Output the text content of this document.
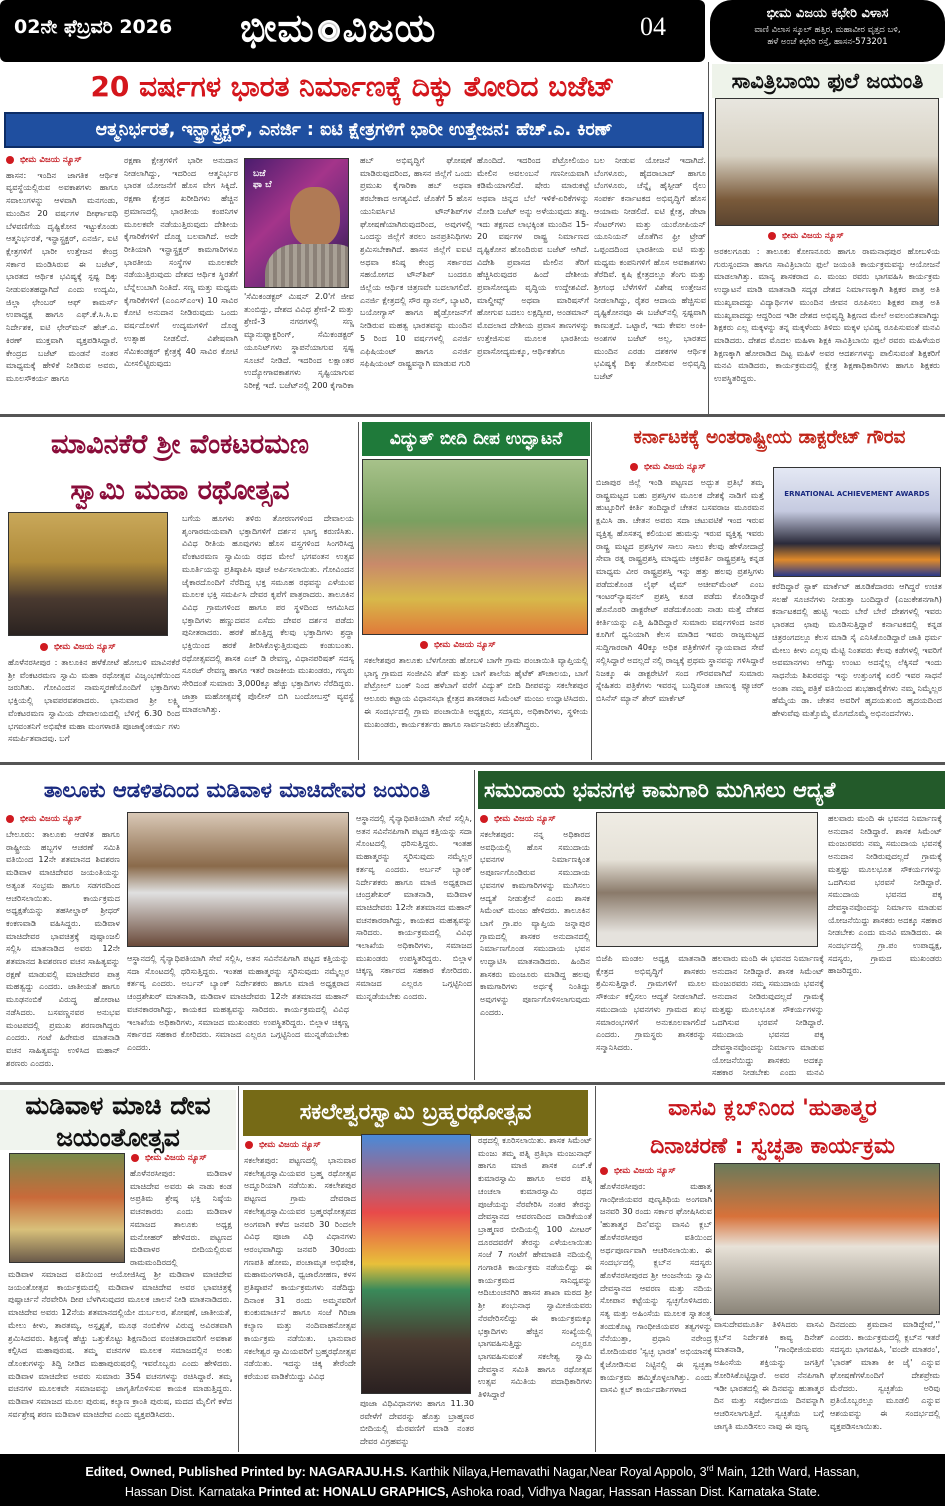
02ನೇ ಫೆಬ್ರವರಿ 2026 ಭೀಮ ವಿಜಯ	04	ಭೀಮ ವಿಜಯ ಕಛೇರಿ ವಿಳಾಸ
ವಾಣಿ ವಿಲಾಸ ಸ್ಕೂಲ್ ಹತ್ತಿರ, ಮಹಾವೀರ ವೃತ್ತದ ಬಳಿ,
ಹಳೆ ಅಂಚೆ ಕಛೇರಿ ರಸ್ತೆ, ಹಾಸನ-573201
20 ವರ್ಷಗಳ ಭಾರತ ನಿರ್ಮಾಣಕ್ಕೆ ದಿಕ್ಕು ತೋರಿದ ಬಜೆಟ್
ಆತ್ಮನಿರ್ಭರತೆ, ಇನ್ಫ್ರಾಸ್ಟ್ರಕ್ಚರ್, ಎನರ್ಜಿ : ಐಟಿ ಕ್ಷೇತ್ರಗಳಿಗೆ ಭಾರೀ ಉತ್ತೇಜನ: ಹೆಚ್.ಎ. ಕಿರಣ್
ಭೀಮ ವಿಜಯ ನ್ಯೂಸ್
ಹಾಸನ: ಇಂದಿನ ಜಾಗತಿಕ ಆರ್ಥಿಕ ವ್ಯವಸ್ಥೆಯಲ್ಲಿರುವ ಅವಕಾಶಗಳು ಹಾಗೂ ಸವಾಲುಗಳನ್ನು ಆಳವಾಗಿ ಮನಗಂಡು, ಮುಂದಿನ 20 ವರ್ಷಗಳ ದೀರ್ಘಾವಧಿ ಬೆಳವಣಿಗೆಯ ದೃಷ್ಟಿಕೋನ ಇಟ್ಟುಕೊಂಡು ಆತ್ಮನಿರ್ಭರತೆ, ಇನ್ಫ್ರಾಸ್ಟ್ರಕ್ಚರ್, ಎನರ್ಜಿ, ಐಟಿ ಕ್ಷೇತ್ರಗಳಿಗೆ ಭಾರೀ ಉತ್ತೇಜನ ಕೇಂದ್ರ ಸರ್ಕಾರ ಮಂಡಿಸಿರುವ ಈ ಬಜೆಟ್, ಭಾರತದ ಆರ್ಥಿಕ ಭವಿಷ್ಯಕ್ಕೆ ಸ್ಪಷ್ಟ ದಿಕ್ಕು ನೀಡುವಂತಹದ್ದಾಗಿದೆ ಎಂದು ಉದ್ಯಮಿ, ಜಿಲ್ಲಾ ಛೇಂಬರ್ ಆಫ್ ಕಾಮರ್ಸ್ ಉಪಾಧ್ಯಕ್ಷ ಹಾಗೂ ಎಫ್.ಕೆ.ಸಿ.ಸಿ.ಐ ನಿರ್ದೇಶಕ, ಐಟಿ ಛೇರ್‌ಮನ್ ಹೆಚ್.ಎ. ಕಿರಣ್ ಮುಕ್ತವಾಗಿ ವ್ಯಕ್ತಪಡಿಸಿದ್ದಾರೆ. ಕೇಂದ್ರದ ಬಜೆಟ್ ಮಂಡನೆ ನಂತರ ಮಾಧ್ಯಮಕ್ಕೆ ಹೇಳಿಕೆ ನೀಡಿರುವ ಅವರು, ಮೂಲಸೌಕರ್ಯ ಹಾಗೂ
ರಕ್ಷಣಾ ಕ್ಷೇತ್ರಗಳಿಗೆ ಭಾರೀ ಅನುದಾನ ನೀಡಲಾಗಿದ್ದು, ಇದರಿಂದ ಆತ್ಮನಿರ್ಭರ ಭಾರತ ಯೋಜನೆಗೆ ಹೊಸ ವೇಗ ಸಿಕ್ಕಿದೆ. ರಕ್ಷಣಾ ಕ್ಷೇತ್ರದ ಖರೀದಿಗಳು ಹೆಚ್ಚಿನ ಪ್ರಮಾಣದಲ್ಲಿ ಭಾರತೀಯ ಕಂಪನಿಗಳ ಮೂಲಕವೇ ನಡೆಯುತ್ತಿರುವುದು ದೇಶೀಯ ಕೈಗಾರಿಕೆಗಳಿಗೆ ದೊಡ್ಡ ಬಲವಾಗಿದೆ. ಅದೇ ರೀತಿಯಾಗಿ ಇನ್ಫ್ರಾಸ್ಟ್ರಕ್ಚರ್ ಕಾಮಗಾರಿಗಳೂ ಭಾರತೀಯ ಸಂಸ್ಥೆಗಳ ಮೂಲಕವೇ ನಡೆಯುತ್ತಿರುವುದು ದೇಶದ ಆರ್ಥಿಕ ಸ್ಥಿರತೆಗೆ ಬೆನ್ನೆಲುಬಾಗಿ ನಿಂತಿದೆ. ಸಣ್ಣ ಮತ್ತು ಮಧ್ಯಮ ಕೈಗಾರಿಕೆಗಳಿಗೆ (ಎಂಎಸ್‌ಎಂಇ) 10 ಸಾವಿರ ಕೋಟಿ ಅನುದಾನ ನೀಡಿರುವುದು ಒಂದು ವರ್ಷದೊಳಗೆ ಉದ್ಯಮಗಳಿಗೆ ದೊಡ್ಡ ಉತ್ಸಾಹ ನೀಡಲಿದೆ. ವಿಶೇಷವಾಗಿ ಸೆಮಿಕಂಡಕ್ಟರ್ ಕ್ಷೇತ್ರಕ್ಕೆ 40 ಸಾವಿರ ಕೋಟಿ ಮೀಸಲಿಟ್ಟಿರುವುದು
ಬಜೆ ಫಾ ಬೆ
'ಸೆಮಿಕಂಡಕ್ಟರ್ ಮಿಷನ್ 2.0'ಗೆ ಜೀವ ತುಂಬಿದ್ದು, ದೇಶದ ವಿವಿಧ ಶ್ರೇಣಿ-2 ಮತ್ತು ಶ್ರೇಣಿ-3 ನಗರಗಳಲ್ಲಿ ಸಣ್ಣ ಮ್ಯಾನುಫ್ಯಾಕ್ಚರಿಂಗ್, ಸೆಮಿಕಂಡಕ್ಟರ್ ಯೂನಿಟ್‌ಗಳು ಸ್ಥಾಪನೆಯಾಗುವ ಸ್ಪಷ್ಟ ಸೂಚನೆ ನೀಡಿದೆ. ಇದರಿಂದ ಲಕ್ಷಾಂತರ ಉದ್ಯೋಗಾವಕಾಶಗಳು ಸೃಷ್ಟಿಯಾಗುವ ನಿರೀಕ್ಷೆ ಇದೆ. ಬಜೆಟ್‌ನಲ್ಲಿ 200 ಕೈಗಾರಿಕಾ
ಹಬ್ ಅಭಿವೃದ್ಧಿಗೆ ಘೋಷಣೆ ಮಾಡಿರುವುದರಿಂದ, ಹಾಸನ ಜಿಲ್ಲೆಗೆ ಒಂದು ಪ್ರಮುಖ ಕೈಗಾರಿಕಾ ಹಬ್ ಅಥವಾ ತರಬೇಕಾದ ಅಗತ್ಯವಿದೆ. ಜೊತೆಗೆ 5 ಹೊಸ ಯುನಿವರ್ಸಿಟಿ ಟೌನ್‌ಶಿಪ್‌ಗಳ ಘೋಷಣೆಯಾಗಿರುವುದರಿಂದ, ಅವುಗಳಲ್ಲಿ ಒಂದನ್ನು ಜಿಲ್ಲೆಗೆ ತರಲು ಜನಪ್ರತಿನಿಧಿಗಳು ಶ್ರಮಿಸಬೇಕಾಗಿದೆ. ಹಾಸನ ಜಿಲ್ಲೆಗೆ ಐಐಟಿ ಅಥವಾ ಕನಿಷ್ಠ ಕೇಂದ್ರ ಸರ್ಕಾರದ ಸಹಯೋಗದ ಟೌನ್‌ಶಿಪ್ ಬಂದರೂ ಜಿಲ್ಲೆಯ ಆರ್ಥಿಕ ಚಿತ್ರಣವೇ ಬದಲಾಗಲಿದೆ. ಎನರ್ಜಿ ಕ್ಷೇತ್ರದಲ್ಲಿ ಸೌರ ಪ್ಯಾನಲ್, ಬ್ಯಾಟರಿ, ಬಯೋಗ್ಯಾಸ್ ಹಾಗೂ ಹೈಡ್ರೋಜನ್‌ಗೆ ನೀಡಿರುವ ಮಹತ್ವ ಭಾರತವನ್ನು ಮುಂದಿನ 5 ರಿಂದ 10 ವರ್ಷಗಳಲ್ಲಿ ಎನರ್ಜಿ ಎಫಿಷಿಯಂಟ್ ಹಾಗೂ ಎನರ್ಜಿ ಸಫಿಷಿಯಂಟ್ ರಾಷ್ಟ್ರವನ್ನಾಗಿ ಮಾಡುವ ಗುರಿ
ಹೊಂದಿದೆ. ಇದರಿಂದ ಪೆಟ್ರೋಲಿಯಂ ಮೇಲಿನ ಅವಲಂಬನೆ ಗಣನೀಯವಾಗಿ ಕಡಿಮೆಯಾಗಲಿದೆ. ಷೇರು ಮಾರುಕಟ್ಟೆ ಅಥವಾ ಚಿನ್ನದ ಬೆಲೆ ಇಳಿಕೆ-ಏರಿಕೆಗಳನ್ನು ನೋಡಿ ಬಜೆಟ್ ಅನ್ನು ಅಳೆಯುವುದು ತಪ್ಪು. ಇದು ತಕ್ಷಣದ ಲಾಭಕ್ಕಿಂತ ಮುಂದಿನ 15-20 ವರ್ಷಗಳ ರಾಷ್ಟ್ರ ನಿರ್ಮಾಣದ ದೃಷ್ಟಿಕೋನ ಹೊಂದಿರುವ ಬಜೆಟ್ ಆಗಿದೆ. ವಿದೇಶಿ ಪ್ರವಾಸದ ಮೇಲಿನ ತೆರಿಗೆ ಹೆಚ್ಚಿಸಿರುವುದರ ಹಿಂದೆ ದೇಶೀಯ ಪ್ರವಾಸೋದ್ಯಮ ವೃದ್ಧಿಯ ಉದ್ದೇಶವಿದೆ. ಮಾಲ್ಡೀವ್ಸ್ ಅಥವಾ ಮಾರಿಷಸ್‌ಗೆ ಹೋಗುವ ಬದಲು ಲಕ್ಷದ್ವೀಪ, ಅಂಡಮಾನ್ ಮೊದಲಾದ ದೇಶೀಯ ಪ್ರವಾಸ ತಾಣಗಳನ್ನು ಉತ್ತೇಜಿಸುವ ಮೂಲಕ ಭಾರತೀಯ ಪ್ರವಾಸೋದ್ಯಮಕ್ಕೂ, ಆರ್ಥಿಕತೆಗೂ
ಬಲ ನೀಡುವ ಯೋಜನೆ ಇದಾಗಿದೆ. ಬೆಂಗಳೂರು, ಹೈದರಾಬಾದ್ ಹಾಗೂ ಬೆಂಗಳೂರು, ಚೆನ್ನೈ ಹೈಸ್ಪೀಡ್ ರೈಲು ಸಂಪರ್ಕ ಕರ್ನಾಟಕದ ಅಭಿವೃದ್ಧಿಗೆ ಹೊಸ ಆಯಾಮ ನೀಡಲಿದೆ. ಐಟಿ ಕ್ಷೇತ್ರ, ಡೇಟಾ ಸೆಂಟರ್‌ಗಳು ಮತ್ತು ಯುರೋಪಿಯನ್ ಯೂನಿಯನ್ ಜೊತೆಗಿನ ಫ್ರೀ ಟ್ರೇಡ್ ಒಪ್ಪಂದದಿಂದ ಭಾರತೀಯ ಐಟಿ ಮತ್ತು ಮಧ್ಯಮ ಕಂಪನಿಗಳಿಗೆ ಹೊಸ ಅವಕಾಶಗಳು ತೆರೆದಿವೆ. ಕೃಷಿ ಕ್ಷೇತ್ರದಲ್ಲೂ ತೆಂಗು ಮತ್ತು ಶ್ರೀಗಂಧ ಬೆಳೆಗಳಿಗೆ ವಿಶೇಷ ಉತ್ತೇಜನ ನೀಡಲಾಗಿದ್ದು, ರೈತರ ಆದಾಯ ಹೆಚ್ಚಿಸುವ ದೃಷ್ಟಿಕೋನವೂ ಈ ಬಜೆಟ್‌ನಲ್ಲಿ ಸ್ಪಷ್ಟವಾಗಿ ಕಾಣುತ್ತದೆ. ಒಟ್ಟಾರೆ, ಇದು ಕೇವಲ ಅಂಕಿ-ಅಂಶಗಳ ಬಜೆಟ್ ಅಲ್ಲ, ಭಾರತದ ಮುಂದಿನ ಎರಡು ದಶಕಗಳ ಆರ್ಥಿಕ ಭವಿಷ್ಯಕ್ಕೆ ದಿಕ್ಕು ತೋರಿಸುವ ಅಭಿವೃದ್ಧಿ ಬಜೆಟ್
ಸಾವಿತ್ರಿಬಾಯಿ ಫುಲೆ ಜಯಂತಿ
ಭೀಮ ವಿಜಯ ನ್ಯೂಸ್
ಅರಕಲಗೂಡು : ತಾಲೂಕು ಕೋಣನೂರು ಹಾಗೂ ರಾಮನಾಥಪುರ ಹೋಬಳಿಯ ಗುರುಸ್ಪಂದನಾ ಹಾಗೂ ಸಾವಿತ್ರಿಬಾಯಿ ಫುಲೆ ಜಯಂತಿ ಕಾರ್ಯಕ್ರಮವನ್ನು ಆಯೋಜನೆ ಮಾಡಲಾಗಿತ್ತು. ಮಾನ್ಯ ಶಾಸಕರಾದ ಎ. ಮಂಜು ರವರು ಭಾಗವಹಿಸಿ ಕಾರ್ಯಕ್ರಮ ಉದ್ಘಾಟನೆ ಮಾಡಿ ಮಾತನಾಡಿ ಸದೃಢ ದೇಶದ ನಿರ್ಮಾಣಕ್ಕಾಗಿ ಶಿಕ್ಷಕರ ಪಾತ್ರ ಅತಿ ಮುಖ್ಯವಾದದ್ದು ವಿದ್ಯಾರ್ಥಿಗಳ ಮುಂದಿನ ಜೀವನ ರೂಪಿಸಲು ಶಿಕ್ಷಕರ ಪಾತ್ರ ಅತಿ ಮುಖ್ಯವಾದದ್ದು ಆದ್ದರಿಂದ ಇಡೀ ದೇಶದ ಅಭಿವೃದ್ಧಿ ಶಿಕ್ಷಣದ ಮೇಲೆ ಅವಲಂಬಿತವಾಗಿದ್ದು ಶಿಕ್ಷಕರು ಎಲ್ಲ ಮಕ್ಕಳನ್ನು ತನ್ನ ಮಕ್ಕಳೆಂದು ತಿಳಿದು ಮಕ್ಕಳ ಭವಿಷ್ಯ ರೂಪಿಸುವಂತೆ ಮನವಿ ಮಾಡಿದರು. ದೇಶದ ಮೊದಲ ಮಹಿಳಾ ಶಿಕ್ಷಕಿ ಸಾವಿತ್ರಿಬಾಯಿ ಫುಲೆ ರವರು ಮಹಿಳೆಯರ ಶಿಕ್ಷಣಕ್ಕಾಗಿ ಹೋರಾಡಿದ ದಿಟ್ಟ ಮಹಿಳೆ ಅವರ ಆದರ್ಶಗಳನ್ನು ಪಾಲಿಸುವಂತೆ ಶಿಕ್ಷಕರಿಗೆ ಮನವಿ ಮಾಡಿದರು, ಕಾರ್ಯಕ್ರಮದಲ್ಲಿ ಕ್ಷೇತ್ರ ಶಿಕ್ಷಣಾಧಿಕಾರಿಗಳು ಹಾಗೂ ಶಿಕ್ಷಕರು ಉಪಸ್ಥಿತರಿದ್ದರು.
ಮಾವಿನಕೆರೆ ಶ್ರೀ ವೆಂಕಟರಮಣ
ಸ್ವಾಮಿ ಮಹಾ ರಥೋತ್ಸವ
ಭೀಮ ವಿಜಯ ನ್ಯೂಸ್
ಹೊಳೆನರಸೀಪುರ : ತಾಲೂಕಿನ ಹಳೆಕೋಟೆ ಹೋಬಳಿ ಮಾವಿನಕೆರೆ ಶ್ರೀ ವೆಂಕಟರಮಣ ಸ್ವಾಮಿ ಮಹಾ ರಥೋತ್ಸವ ವಿಜೃಂಭಣೆಯಿಂದ ಜರುಗಿತು. ಗೋವಿಂದನ ನಾಮಸ್ಮರಣೆಯೊಂದಿಗೆ ಭಕ್ತಾದಿಗಳು ಭಕ್ತಿಯಲ್ಲಿ ಭಾವಪರವಶರಾದರು. ಭಾನುವಾರ ಶ್ರೀ ಲಕ್ಷ್ಮಿ ವೆಂಕಟರಮಣ ಸ್ವಾಮಿಯ ದೇವಾಲಯದಲ್ಲಿ ಬೆಳಿಗ್ಗೆ 6.30 ರಿಂದ ಭಗವಂತನಿಗೆ ಅಭಿಷೇಕ ಮಹಾ ಮಂಗಳಾರತಿ ಪೂಜಾಕೈಂಕರ್ಯ ಗಳು ಸಮರ್ಪಿತವಾದವು. ಬಗೆ
ಬಗೆಯ ಹೂಗಳು ತಳಿರು ತೋರಣಗಳಿಂದ ದೇವಾಲಯ ಶೃಂಗಾರಮಯವಾಗಿ ಭಕ್ತಾದಿಗಳಿಗೆ ದರ್ಶನ ಭಾಗ್ಯ ಕರುಣಿಸಿತು. ವಿವಿಧ ರೀತಿಯ ಹೂವುಗಳು ಹೊಸ ವಸ್ತ್ರಗಳಿಂದ ಸಿಂಗರಿಸಿದ್ದ ವೆಂಕಟರಮಣ ಸ್ವಾಮಿಯ ರಥದ ಮೇಲೆ ಭಗವಂತನ ಉತ್ಸವ ಮೂರ್ತಿಯನ್ನು ಪ್ರತಿಷ್ಠಾಪಿಸಿ ಪೂಜೆ ಅರ್ಪಿಸಲಾಯಿತು. ಗೋವಿಂದನ ಜೈಕಾರದೊಂದಿಗೆ ನೆರೆದಿದ್ದ ಭಕ್ತ ಸಮೂಹ ರಥವನ್ನು ಎಳೆಯುವ ಮೂಲಕ ಭಕ್ತಿ ಸಮರ್ಪಿಸಿ ದೇವರ ಕೃಪೆಗೆ ಪಾತ್ರರಾದರು. ತಾಲೂಕಿನ ವಿವಿಧ ಗ್ರಾಮಗಳಿಂದ ಹಾಗೂ ಪರ ಸ್ಥಳದಿಂದ ಆಗಮಿಸಿದ ಭಕ್ತಾದಿಗಳು ಹಣ್ಣುದವನ ಎಸೆದು ದೇವರ ದರ್ಶನ ಪಡೆದು ಪುನೀತರಾದರು. ಹರಕೆ ಹೊತ್ತಿದ್ದ ಕೆಲವು ಭಕ್ತಾದಿಗಳು ಶ್ರದ್ಧಾ ಭಕ್ತಿಯಿಂದ ಹರಕೆ ತೀರಿಸಿಕೊಳ್ಳುತ್ತಿರುವುದು ಕಂಡುಬಂತು. ರಥೋತ್ಸವದಲ್ಲಿ ಶಾಸಕ ಎಚ್ ಡಿ ರೇವಣ್ಣ, ವಿಧಾನಪರಿಷತ್ ಸದಸ್ಯ ಸೂರಜ್ ರೇವಣ್ಣ ಹಾಗೂ ಇತರೆ ರಾಜಕೀಯ ಮುಖಂಡರು, ಗಣ್ಯರು ಸೇರಿದಂತೆ ಸುಮಾರು 3,000ಕ್ಕೂ ಹೆಚ್ಚು ಭಕ್ತಾದಿಗಳು ನೆರೆದಿದ್ದರು. ಜಾತ್ರಾ ಮಹೋತ್ಸವಕ್ಕೆ ಪೊಲೀಸ್ ಬಿಗಿ ಬಂದೋಬಸ್ತ್ ವ್ಯವಸ್ಥೆ ಮಾಡಲಾಗಿತ್ತು.
ವಿದ್ಯುತ್ ಬೀದಿ ದೀಪ ಉದ್ಘಾಟನೆ
ಭೀಮ ವಿಜಯ ನ್ಯೂಸ್
ಸಕಲೇಶಪುರ ತಾಲೂಕು ಬೆಳಗೋಡು ಹೋಬಳಿ ಬಾಗೇ ಗ್ರಾಮ ಪಂಚಾಯಿತಿ ವ್ಯಾಪ್ತಿಯಲ್ಲಿ ಭಾಗ್ಯ ಗ್ರಾಮದ ಸಂಜೀವಿನಿ ಶೆಡ್ ಮತ್ತು ಬಾಗೆ ಶಾಲೆಯ ಹೈಟೆಕ್ ಶೌಚಾಲಯ, ಬಾಗೆ ಪೆಟ್ರೋಲ್ ಬಂಕ್ ನಿಂದ ಹಳೆಬಾಗೆ ವರೆಗೆ ವಿದ್ಯುತ್ ಬೀದಿ ದೀಪವನ್ನು ಸಕಲೇಶಪುರ ಆಲೂರು ಕಟ್ಟಾಯ ವಿಧಾನಸಭಾ ಕ್ಷೇತ್ರದ ಶಾಸಕರಾದ ಸಿಮೆಂಟ್ ಮಂಜು ಉದ್ಘಾಟಿಸಿದರು. ಈ ಸಂದರ್ಭದಲ್ಲಿ ಗ್ರಾಮ ಪಂಚಾಯಿತಿ ಅಧ್ಯಕ್ಷರು, ಸದಸ್ಯರು, ಅಧಿಕಾರಿಗಳು, ಸ್ಥಳೀಯ ಮುಖಂಡರು, ಕಾರ್ಯಕರ್ತರು ಹಾಗೂ ಸಾರ್ವಜನಿಕರು ಜೊತೆಗಿದ್ದರು.
ಕರ್ನಾಟಕಕ್ಕೆ ಅಂತರಾಷ್ಟ್ರೀಯ ಡಾಕ್ಟರೇಟ್ ಗೌರವ
ಭೀಮ ವಿಜಯ ನ್ಯೂಸ್
ಬಿಜಾಪುರ ಜಿಲ್ಲೆ ಇಂಡಿ ಪಟ್ಟಣದ ಅದ್ಭುತ ಪ್ರತಿಭೆ ತಮ್ಮ ರಾಷ್ಟ್ರಮಟ್ಟದ ಬಹು ಪ್ರಶಸ್ತಿಗಳ ಮೂಲಕ ದೇಶಕ್ಕೆ ನಾಡಿಗೆ ಮತ್ತೆ ಹುಟ್ಟೂರಿಗೆ ಕೀರ್ತಿ ತಂದಿದ್ದಾರೆ ಚೇತನ ಬಸವರಾಜ ಮೂರಮನ ಕ್ಷಮಿಸಿ ಡಾ. ಚೇತನ ಅವರು ಸದಾ ಚಟುವಟಿಕೆ ಇಂದ ಇರುವ ವ್ಯಕ್ತಿತ್ವ ಹೊಸತನ್ನ ಕಲಿಯುವ ಹುಮಸ್ಸು ಇರುವ ವ್ಯಕ್ತಿತ್ವ ಇವರು ರಾಷ್ಟ್ರ ಮಟ್ಟದ ಪ್ರಶಸ್ತಿಗಳ ಸಾಲು ಸಾಲು ಕೆಲವು ಹೇಳೋದಾದ್ರೆ ಸೇವಾ ರತ್ನ ರಾಷ್ಟ್ರಪ್ರಶಸ್ತಿ ಮಾಧ್ಯಮ ಚಕ್ರವರ್ತಿ ರಾಷ್ಟ್ರಪ್ರಶಸ್ತಿ ಕನ್ನಡ ಮಾಧ್ಯಮ ವೀರ ರಾಷ್ಟ್ರಪ್ರಶಸ್ತಿ ಇನ್ನು ಹತ್ತು ಹಲವು ಪ್ರಶಸ್ತಿಗಳು ಪಡೆದುಕೊಂಡ ಲೈಫ್ ಟೈಮ್ ಅಚೀವ್‌ಮೆಂಟ್ ಎಂಬ ಇಂಟರ್‌ನ್ಯಾಷನಲ್ ಪ್ರಶಸ್ತಿ ಕೂಡ ಪಡೆದು ಕೊಂಡಿದ್ದಾರೆ ಹೊನೊರರಿ ಡಾಕ್ಟರೇಟ್ ಪಡೆದುಕೊಂಡು ನಾಡು ಮತ್ತೆ ದೇಶದ ಕೀರ್ತಿಯನ್ನು ಎತ್ತಿ ಹಿಡಿದಿದ್ದಾರೆ ಸುಮಾರು ವರ್ಷಗಳಿಂದ ಜನರ ಕೂಗಿಗೆ ಧ್ವನಿಯಾಗಿ ಕೆಲಸ ಮಾಡಿದ ಇವರು ರಾಜ್ಯಮಟ್ಟದ ಸುದ್ದಿಗಾರರಾಗಿ 40ಕ್ಕೂ ಅಧಿಕ ಪತ್ರಿಕೆಗಳಿಗೆ ನ್ಯಾಯವಾದ ಸೇವೆ ಸಲ್ಲಿಸಿದ್ದಾರೆ ಅದಲ್ಲದೆ ನಲ್ಲಿ ರಾಜ್ಯಕ್ಕೆ ಪ್ರಥಮ ಸ್ಥಾನವನ್ನು ಗಳಿಸಿದ್ದಾರೆ ನಿಜಕ್ಕೂ ಈ ಡಾಕ್ಟರೇಟಿಗೆ ಸಂದ ಗೌರವವಾಗಿದೆ ಸುಮಾರು ಸ್ನೇಹಿತರು ಪತ್ರಿಕೆಗಳು ಇವರನ್ನ ಬುದ್ಧಿವಂತ ಚಾಣುಕ್ಯ ಫ್ಯೂಚರ್ ಬಿಸಿನೆಸ್ ಮ್ಯಾನ್ ಶೇರ್ ಮಾರ್ಕೆಟ್
ERNATIONAL ACHIEVEMENT AWARDS
ಕರೆದಿದ್ದಾರೆ ಸ್ಟಾಕ್ ಮಾರ್ಕೆಟ್ ಹೂಡಿಕೆದಾರರು ಆಗಿದ್ದರೆ ಉಚಿತ ಸಲಹೆ ಸೂಚನೆಗಳು ನೀಡುತ್ತಾ ಬಂದಿದ್ದಾರೆ (ಎಜುಕೇಶನಗಾಗಿ) ಕರ್ನಾಟಕದಲ್ಲಿ ಹುಟ್ಟಿ ಇಂದು ಬೇರೆ ಬೇರೆ ದೇಶಗಳಲ್ಲಿ ಇವರು ಭಾರತದ ಛಾಪು ಮೂಡಿಸುತ್ತಿದ್ದಾರೆ ಕರ್ನಾಟಕದಲ್ಲಿ ಕನ್ನಡ ಚಿತ್ರರಂಗದಲ್ಲೂ ಕೆಲಸ ಮಾಡಿ ಸೈ ಎನಿಸಿಕೊಂಡಿದ್ದಾರೆ ಜಾತಿ ಧರ್ಮ ಮೇಲು ಕೀಳು ಎಲ್ಲವು ಮೆಟ್ಟಿ ನಿಂತವರು ಕೆಲವು ಕಡೆಗಳಲ್ಲಿ ಇವರಿಗೆ ಅವಮಾನಗಳು ಆಗಿದ್ದು ಉಂಟು ಅದನ್ನೆಲ್ಲ ಲೆಕ್ಕಿಸದೆ ಇಂದು ಸಾಧನೆಯ ಶಿಖರವನ್ನು ಇನ್ನು ಉತ್ತುಂಗಕ್ಕೆ ಏರಲಿ ಇವರ ಸಾಧನೆ ಅಂತಾ ನಮ್ಮ ಪತ್ರಿಕೆ ವತಿಯಿಂದ ಶುಭಹಾರೈಕೆಗಳು ನಮ್ಮ ನಿಮ್ಮೆಲ್ಲರ ಹೆಮ್ಮೆಯ ಡಾ. ಚೇತನ ಅವರಿಗೆ ಹೃದಯತುಂಬಿ ಹೃದಯದಿಂದ ಹೇಳುವೆವು ಮತ್ತೊಮ್ಮೆ ಮೊಗದೊಮ್ಮೆ ಅಭಿನಂದನೆಗಳು.
ತಾಲೂಕು ಆಡಳಿತದಿಂದ ಮಡಿವಾಳ ಮಾಚಿದೇವರ ಜಯಂತಿ
ಭೀಮ ವಿಜಯ ನ್ಯೂಸ್
ಬೇಲೂರು: ತಾಲೂಕು ಆಡಳಿತ ಹಾಗೂ ರಾಷ್ಟ್ರೀಯ ಹಬ್ಬಗಳ ಆಚರಣೆ ಸಮಿತಿ ವತಿಯಿಂದ 12ನೇ ಶತಮಾನದ ಶಿವಶರಣ ಮಡಿವಾಳ ಮಾಚಿದೇವರ ಜಯಂತಿಯನ್ನು ಅತ್ಯಂತ ಸಂಭ್ರಮ ಹಾಗೂ ಸಡಗರದಿಂದ ಆಚರಿಸಲಾಯಿತು. ಕಾರ್ಯಕ್ರಮದ ಅಧ್ಯಕ್ಷತೆಯನ್ನು ತಹಸೀಲ್ದಾರ್ ಶ್ರೀಧರ್ ಕಂಕಣವಾಡಿ ವಹಿಸಿದ್ದರು. ಮಡಿವಾಳ ಮಾಚಿದೇವರ ಭಾವಚಿತ್ರಕ್ಕೆ ಪುಷ್ಪಾಂಜಲಿ ಸಲ್ಲಿಸಿ ಮಾತನಾಡಿದ ಅವರು 12ನೇ ಶತಮಾನದ ಶಿವಶರಣರ ವಚನ ಸಾಹಿತ್ಯವನ್ನು ರಕ್ಷಣೆ ಮಾಡುವಲ್ಲಿ ಮಾಚಿದೇವರ ಪಾತ್ರ ಮಹತ್ವದ್ದು ಎಂದರು. ಜಾತೀಯತೆ ಹಾಗೂ ಮೂಢನಂಬಿಕೆ ವಿರುದ್ಧ ಹೋರಾಟ ನಡೆಸಿದರು. ಬಸವಣ್ಣನವರ ಅನುಭವ ಮಂಟಪದಲ್ಲಿ ಪ್ರಮುಖ ಶರಣರಾಗಿದ್ದರು ಎಂದರು. ಗಂಟೆ ಹಿರೇಮಠ ಮಾತನಾಡಿ ವಚನ ಸಾಹಿತ್ಯವನ್ನು ಉಳಿಸಿದ ಮಹಾನ್ ಶರಣರು ಎಂದರು.
ಆಸ್ಥಾನದಲ್ಲಿ ಸೈನ್ಯಾಧಿಪತಿಯಾಗಿ ಸೇವೆ ಸಲ್ಲಿಸಿ, ಅತನ ಸವಿನೆನಪಿಗಾಗಿ ಪಟ್ಟದ ಕತ್ತಿಯನ್ನು ಸದಾ ಸೊಂಟದಲ್ಲಿ ಧರಿಸುತ್ತಿದ್ದರು. ಇಂತಹ ಮಹಾತ್ಮರನ್ನು ಸ್ಮರಿಸುವುದು ನಮ್ಮೆಲ್ಲರ ಕರ್ತವ್ಯ ಎಂದರು. ಅರ್ಬನ್ ಬ್ಯಾಂಕ್ ನಿರ್ದೇಶಕರು ಹಾಗೂ ಮಾಜಿ ಅಧ್ಯಕ್ಷರಾದ ಚಂದ್ರಶೇಖರ್ ಮಾತನಾಡಿ, ಮಡಿವಾಳ ಮಾಚಿದೇವರು 12ನೇ ಶತಮಾನದ ಮಹಾನ್ ವಚನಕಾರರಾಗಿದ್ದು, ಕಾಯಕದ ಮಹತ್ವವನ್ನು ಸಾರಿದರು. ಕಾರ್ಯಕ್ರಮದಲ್ಲಿ ವಿವಿಧ ಇಲಾಖೆಯ ಅಧಿಕಾರಿಗಳು, ಸಮಾಜದ ಮುಖಂಡರು ಉಪಸ್ಥಿತರಿದ್ದರು. ಬಿಲ್ಲಾಳ ಚಿಕ್ಕಣ್ಣ ಸರ್ಕಾರದ ಸಹಕಾರ ಕೋರಿದರು. ಸಮಾಜದ ಎಲ್ಲರೂ ಒಗ್ಗಟ್ಟಿನಿಂದ ಮುನ್ನಡೆಯಬೇಕು ಎಂದರು.
ಆಸ್ಥಾನದಲ್ಲಿ ಸೈನ್ಯಾಧಿಪತಿಯಾಗಿ ಸೇವೆ ಸಲ್ಲಿಸಿ, ಅತನ ಸವಿನೆನಪಿಗಾಗಿ ಪಟ್ಟದ ಕತ್ತಿಯನ್ನು ಸದಾ ಸೊಂಟದಲ್ಲಿ ಧರಿಸುತ್ತಿದ್ದರು. ಇಂತಹ ಮಹಾತ್ಮರನ್ನು ಸ್ಮರಿಸುವುದು ನಮ್ಮೆಲ್ಲರ ಕರ್ತವ್ಯ ಎಂದರು. ಅರ್ಬನ್ ಬ್ಯಾಂಕ್ ನಿರ್ದೇಶಕರು ಹಾಗೂ ಮಾಜಿ ಅಧ್ಯಕ್ಷರಾದ ಚಂದ್ರಶೇಖರ್ ಮಾತನಾಡಿ, ಮಡಿವಾಳ ಮಾಚಿದೇವರು 12ನೇ ಶತಮಾನದ ಮಹಾನ್ ವಚನಕಾರರಾಗಿದ್ದು, ಕಾಯಕದ ಮಹತ್ವವನ್ನು ಸಾರಿದರು. ಕಾರ್ಯಕ್ರಮದಲ್ಲಿ ವಿವಿಧ ಇಲಾಖೆಯ ಅಧಿಕಾರಿಗಳು, ಸಮಾಜದ ಮುಖಂಡರು ಉಪಸ್ಥಿತರಿದ್ದರು. ಬಿಲ್ಲಾಳ ಚಿಕ್ಕಣ್ಣ ಸರ್ಕಾರದ ಸಹಕಾರ ಕೋರಿದರು. ಸಮಾಜದ ಎಲ್ಲರೂ ಒಗ್ಗಟ್ಟಿನಿಂದ ಮುನ್ನಡೆಯಬೇಕು ಎಂದರು.
ಸಮುದಾಯ ಭವನಗಳ ಕಾಮಗಾರಿ ಮುಗಿಸಲು ಆದ್ಯತೆ
ಭೀಮ ವಿಜಯ ನ್ಯೂಸ್
ಸಕಲೇಶಪುರ: ನನ್ನ ಅಧಿಕಾರದ ಅವಧಿಯಲ್ಲಿ ಹೊಸ ಸಮುದಾಯ ಭವನಗಳ ನಿರ್ಮಾಣಕ್ಕಿಂತ ಅಪೂರ್ಣಗೊಂಡಿರುವ ಸಮುದಾಯ ಭವನಗಳ ಕಾಮಗಾರಿಗಳನ್ನು ಮುಗಿಸಲು ಆದ್ಯತೆ ನೀಡುತ್ತೇನೆ ಎಂದು ಶಾಸಕ ಸಿಮೆಂಟ್ ಮಂಜು ಹೇಳಿದರು. ತಾಲೂಕಿನ ಬಾಗೆ ಗ್ರಾ.ಪಂ ವ್ಯಾಪ್ತಿಯ ಜನ್ನಾಪುರ ಗ್ರಾಮದಲ್ಲಿ ಶಾಸಕರ ಅನುದಾನದಲ್ಲಿ ನಿರ್ಮಾಣಗೊಂಡ ಸಮುದಾಯ ಭವನ ಉದ್ಘಾಟಿಸಿ ಮಾತನಾಡಿದರು. ಹಿಂದಿನ ಶಾಸಕರು ಮಂಜೂರು ಮಾಡಿದ್ದ ಹಲವು ಕಾಮಗಾರಿಗಳು ಅರ್ಧಕ್ಕೆ ನಿಂತಿದ್ದು ಅವುಗಳನ್ನು ಪೂರ್ಣಗೊಳಿಸಲಾಗುವುದು ಎಂದರು.
ಬಿಜೆಪಿ ಮಂಡಲ ಅಧ್ಯಕ್ಷ ಮಾತನಾಡಿ ಕ್ಷೇತ್ರದ ಅಭಿವೃದ್ಧಿಗೆ ಶಾಸಕರು ಶ್ರಮಿಸುತ್ತಿದ್ದಾರೆ. ಗ್ರಾಮಗಳಿಗೆ ಮೂಲ ಸೌಕರ್ಯ ಕಲ್ಪಿಸಲು ಆದ್ಯತೆ ನೀಡಲಾಗಿದೆ. ಸಮುದಾಯ ಭವನಗಳು ಗ್ರಾಮದ ಶುಭ ಸಮಾರಂಭಗಳಿಗೆ ಅನುಕೂಲವಾಗಲಿದೆ ಎಂದರು. ಗ್ರಾಮಸ್ಥರು ಶಾಸಕರನ್ನು ಸನ್ಮಾನಿಸಿದರು.
ಹಲವಾರು ಮಂದಿ ಈ ಭವನದ ನಿರ್ಮಾಣಕ್ಕೆ ಅನುದಾನ ನೀಡಿದ್ದಾರೆ. ಶಾಸಕ ಸಿಮೆಂಟ್ ಮಂಜುರವರು ನಮ್ಮ ಸಮುದಾಯ ಭವನಕ್ಕೆ ಅನುದಾನ ನೀಡಿರುವುದಲ್ಲದೆ ಗ್ರಾಮಕ್ಕೆ ಮತ್ತಷ್ಟು ಮೂಲಭೂತ ಸೌಕರ್ಯಗಳನ್ನು ಒದಗಿಸುವ ಭರವಸೆ ನೀಡಿದ್ದಾರೆ. ಸಮುದಾಯ ಭವನದ ಪಕ್ಕ ದೇವಸ್ಥಾನವೊಂದನ್ನು ನಿರ್ಮಾಣ ಮಾಡುವ ಯೋಜನೆಯಿದ್ದು ಶಾಸಕರು ಅದಕ್ಕೂ ಸಹಕಾರ ನೀಡಬೇಕು ಎಂದು ಮನವಿ
ಹಲವಾರು ಮಂದಿ ಈ ಭವನದ ನಿರ್ಮಾಣಕ್ಕೆ ಅನುದಾನ ನೀಡಿದ್ದಾರೆ. ಶಾಸಕ ಸಿಮೆಂಟ್ ಮಂಜುರವರು ನಮ್ಮ ಸಮುದಾಯ ಭವನಕ್ಕೆ ಅನುದಾನ ನೀಡಿರುವುದಲ್ಲದೆ ಗ್ರಾಮಕ್ಕೆ ಮತ್ತಷ್ಟು ಮೂಲಭೂತ ಸೌಕರ್ಯಗಳನ್ನು ಒದಗಿಸುವ ಭರವಸೆ ನೀಡಿದ್ದಾರೆ. ಸಮುದಾಯ ಭವನದ ಪಕ್ಕ ದೇವಸ್ಥಾನವೊಂದನ್ನು ನಿರ್ಮಾಣ ಮಾಡುವ ಯೋಜನೆಯಿದ್ದು ಶಾಸಕರು ಅದಕ್ಕೂ ಸಹಕಾರ ನೀಡಬೇಕು ಎಂದು ಮನವಿ ಮಾಡಿದರು. ಈ ಸಂದರ್ಭದಲ್ಲಿ ಗ್ರಾ.ಪಂ ಉಪಾಧ್ಯಕ್ಷ, ಸದಸ್ಯರು, ಗ್ರಾಮದ ಮುಖಂಡರು ಹಾಜರಿದ್ದರು.
ಮಡಿವಾಳ ಮಾಚಿ ದೇವ
ಜಯಂತೋತ್ಸವ
ಭೀಮ ವಿಜಯ ನ್ಯೂಸ್
ಹೊಳೆನರಸೀಪುರ: ಮಡಿವಾಳ ಮಾಚಿದೇವ ಅವರು ಈ ನಾಡು ಕಂಡ ಅಪ್ರತಿಮ ಶ್ರೇಷ್ಠ ಭಕ್ತಿ ನಿಷ್ಠೆಯ ವಚನಕಾರರು ಎಂದು ಮಡಿವಾಳ ಸಮಾಜದ ತಾಲೂಕು ಅಧ್ಯಕ್ಷ ಮನೋಹರ್ ಹೇಳಿದರು. ಪಟ್ಟಣದ ಮಡಿವಾಳರ ಬೀದಿಯಲ್ಲಿರುವ ರಾಮಮಂದಿರದಲ್ಲಿ
ಮಡಿವಾಳ ಸಮಾಜದ ವತಿಯಿಂದ ಆಯೋಜಿಸಿದ್ದ ಶ್ರೀ ಮಡಿವಾಳ ಮಾಚಿದೇವ ಜಯಂತೋತ್ಸವ ಕಾರ್ಯಕ್ರಮದಲ್ಲಿ ಮಡಿವಾಳ ಮಾಚಿದೇವ ಅವರ ಭಾವಚಿತ್ರಕ್ಕೆ ಪುಷ್ಪಾರ್ಚನೆ ನೆರವೇರಿಸಿ ದೀಪ ಬೆಳಗಿಸುವುದರ ಮೂಲಕ ಚಾಲನೆ ನೀಡಿ ಮಾತನಾಡಿದರು. ಮಾಚಿದೇವ ಅವರು 12ನೆಯ ಶತಮಾನದಲ್ಲಿಯೇ ದುರ್ಬಲರ, ಶೋಷಣೆ, ಜಾತೀಯತೆ, ಮೇಲು ಕೀಳು, ತಾರತಮ್ಯ, ಅಸ್ಪೃಶ್ಯತೆ, ಮೂಢ ನಂಬಿಕೆಗಳ ವಿರುದ್ಧ ಅವಿರತವಾಗಿ ಶ್ರಮಿಸಿದವರು. ಶಿಕ್ಷಣಕ್ಕೆ ಹೆಚ್ಚು ಒತ್ತುಕೊಟ್ಟು ಶಿಕ್ಷಣದಿಂದ ವಂಚಿತರಾದವರಿಗೆ ಅವಕಾಶ ಕಲ್ಪಿಸಿದ ಮಹಾಪುರುಷ. ತಮ್ಮ ವಚನಗಳ ಮೂಲಕ ಸಮಾಜದಲ್ಲಿನ ಅಂಕು ಡೊಂಕುಗಳನ್ನು ತಿದ್ದಿ ನೀಡಿದ ಮಹಾಪುರುಷರಲ್ಲಿ ಇವರೊಬ್ಬರು ಎಂದು ಹೇಳಿದರು. ಮಡಿವಾಳ ಮಾಚಿದೇವ ಅವರು ಸುಮಾರು 354 ವಚನಗಳನ್ನು ರಚಿಸಿದ್ದಾರೆ. ತಮ್ಮ ವಚನಗಳ ಮೂಲಕವೇ ಸಮಾಜವನ್ನು ಜಾಗೃತಿಗೊಳಿಸುವ ಕಾಯಕ ಮಾಡುತ್ತಿದ್ದರು. ಮಡಿವಾಳ ಸಮಾಜದ ಮೂಲ ಪುರುಷ, ಕಲ್ಯಾಣ ಕ್ರಾಂತಿ ಪುರುಷ, ಮದದ ಮೈಲಿಗೆ ಕಳೆದ ಸರ್ವಶ್ರೇಷ್ಠ ಶರಣ ಮಡಿವಾಳ ಮಾಚಿದೇವ ಎಂದು ವ್ಯಕ್ತಪಡಿಸಿದರು.
ಸಕಲೇಶ್ವರಸ್ವಾಮಿ ಬ್ರಹ್ಮರಥೋತ್ಸವ
ಭೀಮ ವಿಜಯ ನ್ಯೂಸ್
ಸಕಲೇಶಪುರ: ಪಟ್ಟಣದಲ್ಲಿ ಭಾನುವಾರ ಸಕಲೇಶ್ವರಸ್ವಾಮಿಯವರ ಬ್ರಹ್ಮ ರಥೋತ್ಸವ ಅದ್ದೂರಿಯಾಗಿ ನಡೆಯಿತು. ಸಕಲೇಶಪುರ ಪಟ್ಟಣದ ಗ್ರಾಮ ದೇವರಾದ ಸಕಲೇಶ್ವರಸ್ವಾಮಿಯವರ ಬ್ರಹ್ಮರಥೋತ್ಸವದ ಅಂಗವಾಗಿ ಕಳೆದ ಜನವರಿ 30 ರಿಂದಲೇ ವಿವಿಧ ಪೂಜಾ ವಿಧಿ ವಿಧಾನಗಳು ಆರಂಭವಾಗಿದ್ದು ಜನವರಿ 30ರಂದು ಗಣಪತಿ ಹೋಮ, ಪಂಚಾಮೃತ ಅಭಿಷೇಕ, ಮಹಾಮಂಗಳಾರತಿ, ಧ್ವಜಾರೋಹಣ, ಕಳಸ ಪ್ರತಿಷ್ಠಾಪನೆ ಕಾರ್ಯಕ್ರಮಗಳು ನಡೆದಿದ್ದು ದಿನಾಂಕ 31 ರಂದು ಅಮ್ಮನವರಿಗೆ ಕುಂಕುಮಾರ್ಚನೆ ಹಾಗೂ ಸಂಜೆ ಗಿರಿಜಾ ಕಲ್ಯಾಣ ಮತ್ತು ನಂದಿವಾಹನೋತ್ಸವ ಕಾರ್ಯಕ್ರಮ ನಡೆಯಿತು. ಭಾನುವಾರ ಸಕಲೇಶ್ವರ ಸ್ವಾಮಿಯವರಿಗೆ ಬ್ರಹ್ಮರಥೋತ್ಸವ ನಡೆಯಿತು. ಇದನ್ನು ಚಿಕ್ಕ ತೇರೆಂದೇ ಕರೆಯುವ ವಾಡಿಕೆಯಿದ್ದು ವಿವಿಧ
ಪೂಜಾ ವಿಧಿವಿಧಾನಗಳು ಹಾಗೂ 11.30 ರವೇಳೆಗೆ ದೇವರನ್ನು ಹೊತ್ತು ಬ್ರಾಹ್ಮಣರ ಬೀದಿಯಲ್ಲಿ ಮೆರವಣಿಗೆ ಮಾಡಿ ನಂತರ ದೇವರ ವಿಗ್ರಹವನ್ನು
ರಥದಲ್ಲಿ ಕೂರಿಸಲಾಯಿತು. ಶಾಸಕ ಸಿಮೆಂಟ್ ಮಂಜು ತಮ್ಮ ಪತ್ನಿ ಪ್ರತಿಭಾ ಮಂಜುನಾಥ್ ಹಾಗೂ ಮಾಜಿ ಶಾಸಕ ಎಚ್.ಕೆ ಕುಮಾರಸ್ವಾಮಿ ಹಾಗೂ ಅವರ ಪತ್ನಿ ಚಂಚಲಾ ಕುಮಾರಸ್ವಾಮಿ ರಥದ ಪೂಜೆಯನ್ನು ನೆರವೇರಿಸಿ ನಂತರ ತೇರನ್ನು ದೇವಸ್ಥಾನದ ಆವರಣದಿಂದ ವಾಡಿಕೆಯಂತೆ ಬ್ರಾಹ್ಮಣರ ಬೀದಿಯಲ್ಲಿ 100 ಮೀಟರ್ ದೂರದವರೆಗೆ ತೇರನ್ನು ಎಳೆಯಲಾಯಿತು ಸಂಜೆ 7 ಗಂಟೆಗೆ ಹೇಮಾವತಿ ನದಿಯಲ್ಲಿ ಗಂಗಾರತಿ ಕಾರ್ಯಕ್ರಮ ನಡೆಯಲಿದ್ದು ಈ ಕಾರ್ಯಕ್ರಮದ ಸಾನಿಧ್ಯವನ್ನು ಆದಿಚುಂಚನಗಿರಿ ಹಾಸನ ಶಾಖಾ ಮಠದ ಶ್ರೀ ಶ್ರೀ ಶಂಭುನಾಥ ಸ್ವಾಮೀಜಿಯವರು ನೆರವೇರಿಸಲಿದ್ದು ಈ ಕಾರ್ಯಕ್ರಮಕ್ಕೂ ಭಕ್ತಾದಿಗಳು ಹೆಚ್ಚಿನ ಸಂಖ್ಯೆಯಲ್ಲಿ ಭಾಗವಹಿಸುತ್ತಿದ್ದು ಎಲ್ಲರೂ ಭಾಗವಹಿಸುವಂತೆ ಸಕಲೇಶ್ವ ಸ್ವಾಮಿ ದೇವಸ್ಥಾನ ಸಮಿತಿ ಹಾಗೂ ರಥೋತ್ಸವ ಉತ್ಸವ ಸಮಿತಿಯ ಪದಾಧಿಕಾರಿಗಳು ತಿಳಿಸಿದ್ದಾರೆ
ವಾಸವಿ ಕ್ಲಬ್‌ನಿಂದ 'ಹುತಾತ್ಮರ
ದಿನಾಚರಣೆ : ಸ್ವಚ್ಛತಾ ಕಾರ್ಯಕ್ರಮ
ಭೀಮ ವಿಜಯ ನ್ಯೂಸ್
ಹೊಳೆನರಸೀಪುರ: ಮಹಾತ್ಮ ಗಾಂಧೀಜಿಯವರ ಪುಣ್ಯತಿಥಿಯ ಅಂಗವಾಗಿ ಜನವರಿ 30 ರಂದು ಸರ್ಕಾರ ಘೋಷಿಸಿರುವ 'ಹುತಾತ್ಮರ ದಿನ'ವನ್ನು ವಾಸವಿ ಕ್ಲಬ್ ಹೊಳೆನರಸೀಪುರ ವತಿಯಿಂದ ಅರ್ಥಪೂರ್ಣವಾಗಿ ಆಚರಿಸಲಾಯಿತು. ಈ ಸಂದರ್ಭದಲ್ಲಿ ಕ್ಲಬ್‌ನ ಸದಸ್ಯರು ಹೊಳೆನರಸೀಪುರದ ಶ್ರೀ ಆಂಜನೇಯ ಸ್ವಾಮಿ ದೇವಸ್ಥಾನದ ಆವರಣ ಮತ್ತು ನದಿಯ ಸೋಪಾನ ಕಟ್ಟೆಯನ್ನು ಸ್ವಚ್ಛಗೊಳಿಸಿದರು. ಸತ್ಯ ಮತ್ತು ಅಹಿಂಸೆಯ ಮೂಲಕ ಸ್ವಾತಂತ್ರ್ಯ ತಂದುಕೊಟ್ಟ ಗಾಂಧೀಜಿಯವರ ತತ್ವಗಳನ್ನು ನೆನೆಯುತ್ತಾ, ಪ್ರಧಾನಿ ನರೇಂದ್ರ ಮೋದಿಯವರ 'ಸ್ವಚ್ಛ ಭಾರತ' ಅಭಿಯಾನಕ್ಕೆ ಕೈಜೋಡಿಸುವ ನಿಟ್ಟಿನಲ್ಲಿ ಈ ಸ್ವಚ್ಛತಾ ಕಾರ್ಯಕ್ರಮ ಹಮ್ಮಿಕೊಳ್ಳಲಾಗಿತ್ತು. ಎಂದು ವಾಸವಿ ಕ್ಲಬ್ ಕಾರ್ಯದರ್ಶಿಗಳಾದ
ವಾಸುದೇವಮೂರ್ತಿ ತಿಳಿಸಿದರು ವಾಸವಿ ಕ್ಲಬ್‌ನ ನಿರ್ದೇಶಕಿ ಕಾವ್ಯ ದಿನೇಶ್ ಮಾತನಾಡಿ, ''ಗಾಂಧೀಜಿಯವರು ಅಹಿಂಸೆಯ ಶಕ್ತಿಯನ್ನು ಜಗತ್ತಿಗೆ ತೋರಿಸಿಕೊಟ್ಟಿದ್ದಾರೆ. ಅವರ ನೆನಪಿಗಾಗಿ ಇಡೀ ಭಾರತದಲ್ಲಿ ಈ ದಿನವನ್ನು ಹುತಾತ್ಮರ ದಿನ ಮತ್ತು ಸರ್ವೋದಯ ದಿನವನ್ನಾಗಿ ಆಚರಿಸಲಾಗುತ್ತಿದೆ. ಸ್ವಚ್ಛತೆಯ ಬಗ್ಗೆ ಜಾಗೃತಿ ಮೂಡಿಸಲು ನಾವು ಈ ಪುಣ್ಯ
ದಿನದಂದು ಶ್ರಮದಾನ ಮಾಡಿದ್ದೇವೆ,'' ಎಂದರು. ಕಾರ್ಯಕ್ರಮದಲ್ಲಿ ಕ್ಲಬ್‌ನ ಇತರೆ ಸದಸ್ಯರು ಭಾಗವಹಿಸಿ, 'ವಂದೇ ಮಾತರಂ', 'ಭಾರತ್ ಮಾತಾ ಕೀ ಜೈ' ಎನ್ನುವ ಘೋಷಣೆಗಳೊಂದಿಗೆ ದೇಶಪ್ರೇಮ ಮೆರೆದರು. ಸ್ವಚ್ಛತೆಯ ಅರಿವು ಪ್ರತಿಯೊಬ್ಬರಲ್ಲೂ ಮೂಡಲಿ ಎನ್ನುವ ಆಶಯವನ್ನು ಈ ಸಂದರ್ಭದಲ್ಲಿ ವ್ಯಕ್ತಪಡಿಸಲಾಯಿತು.
Edited, Owned, Published Printed by: NAGARAJU.H.S. Karthik Nilaya,Hemavathi Nagar,Near Royal Appolo, 3rd Main, 12th Ward, Hassan,
Hassan Dist. Karnataka Printed at: HONALU GRAPHICS, Ashoka road, Vidhya Nagar, Hassan Hassan Dist. Karnataka State.
